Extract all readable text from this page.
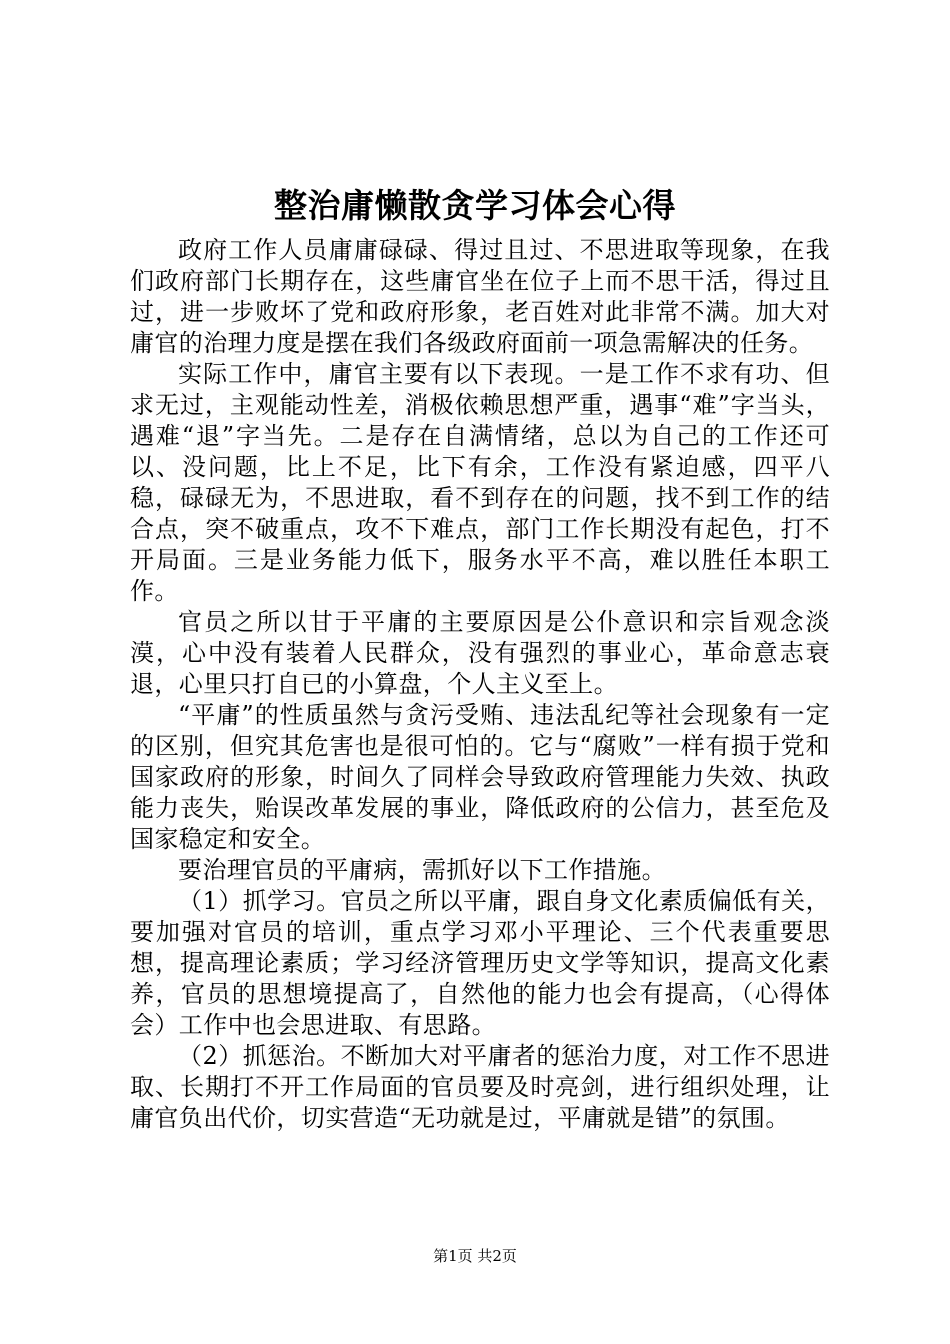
整治庸懒散贪学习体会心得

政府工作人员庸庸碌碌、得过且过、不思进取等现象，在我们政府部门长期存在，这些庸官坐在位子上而不思干活，得过且过，进一步败坏了党和政府形象，老百姓对此非常不满。加大对庸官的治理力度是摆在我们各级政府面前一项急需解决的任务。

实际工作中，庸官主要有以下表现。一是工作不求有功、但求无过，主观能动性差，消极依赖思想严重，遇事“难”字当头，遇难“退”字当先。二是存在自满情绪，总以为自己的工作还可以、没问题，比上不足，比下有余，工作没有紧迫感，四平八稳，碌碌无为，不思进取，看不到存在的问题，找不到工作的结合点，突不破重点，攻不下难点，部门工作长期没有起色，打不开局面。三是业务能力低下，服务水平不高，难以胜任本职工作。

官员之所以甘于平庸的主要原因是公仆意识和宗旨观念淡漠，心中没有装着人民群众，没有强烈的事业心，革命意志衰退，心里只打自已的小算盘，个人主义至上。

“平庸”的性质虽然与贪污受贿、违法乱纪等社会现象有一定的区别，但究其危害也是很可怕的。它与“腐败”一样有损于党和国家政府的形象，时间久了同样会导致政府管理能力失效、执政能力丧失，贻误改革发展的事业，降低政府的公信力，甚至危及国家稳定和安全。

要治理官员的平庸病，需抓好以下工作措施。

（1）抓学习。官员之所以平庸，跟自身文化素质偏低有关，要加强对官员的培训，重点学习邓小平理论、三个代表重要思想，提高理论素质；学习经济管理历史文学等知识，提高文化素养，官员的思想境提高了，自然他的能力也会有提高，（心得体会）工作中也会思进取、有思路。

（2）抓惩治。不断加大对平庸者的惩治力度，对工作不思进取、长期打不开工作局面的官员要及时亮剑，进行组织处理，让庸官负出代价，切实营造“无功就是过，平庸就是错”的氛围。

第1页 共2页
